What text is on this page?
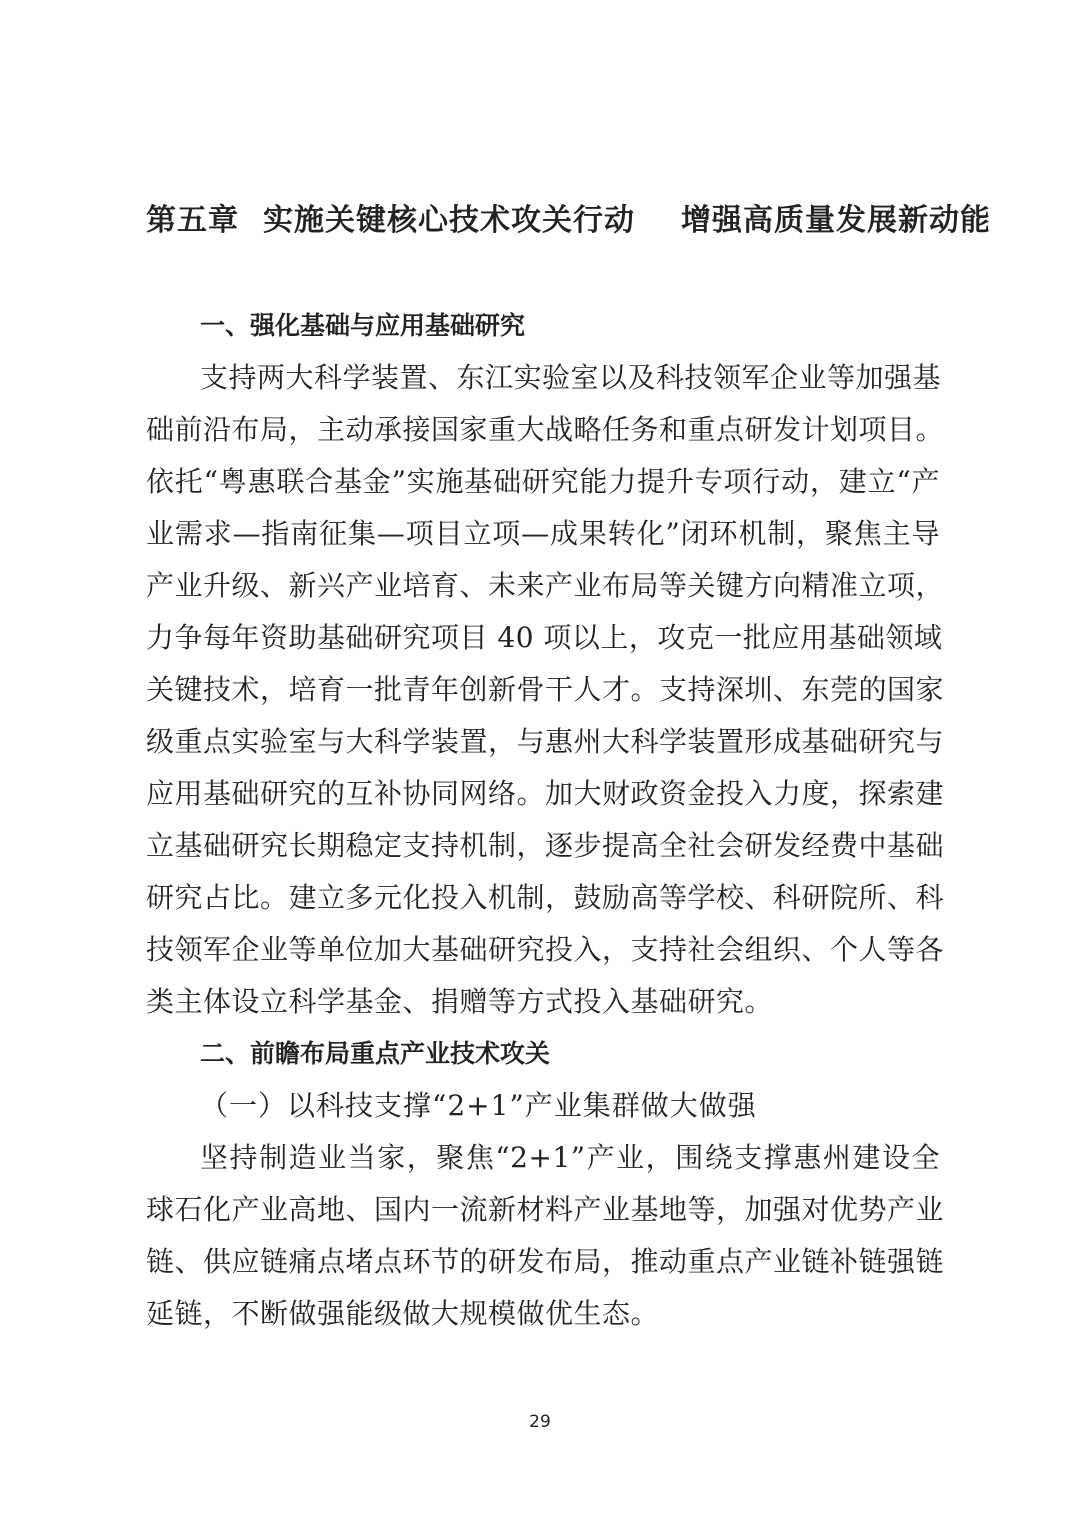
第五章 实施关键核心技术攻关行动 增强高质量发展新动能
一、强化基础与应用基础研究
支持两大科学装置、东江实验室以及科技领军企业等加强基
础前沿布局，主动承接国家重大战略任务和重点研发计划项目。
依托“粤惠联合基金”实施基础研究能力提升专项行动，建立“产
业需求—指南征集—项目立项—成果转化”闭环机制，聚焦主导
产业升级、新兴产业培育、未来产业布局等关键方向精准立项，
力争每年资助基础研究项目 40 项以上，攻克一批应用基础领域
关键技术，培育一批青年创新骨干人才。支持深圳、东莞的国家
级重点实验室与大科学装置，与惠州大科学装置形成基础研究与
应用基础研究的互补协同网络。加大财政资金投入力度，探索建
立基础研究长期稳定支持机制，逐步提高全社会研发经费中基础
研究占比。建立多元化投入机制，鼓励高等学校、科研院所、科
技领军企业等单位加大基础研究投入，支持社会组织、个人等各
类主体设立科学基金、捐赠等方式投入基础研究。
二、前瞻布局重点产业技术攻关
（一）以科技支撑“2+1”产业集群做大做强
坚持制造业当家，聚焦“2+1”产业，围绕支撑惠州建设全
球石化产业高地、国内一流新材料产业基地等，加强对优势产业
链、供应链痛点堵点环节的研发布局，推动重点产业链补链强链
延链，不断做强能级做大规模做优生态。
29
